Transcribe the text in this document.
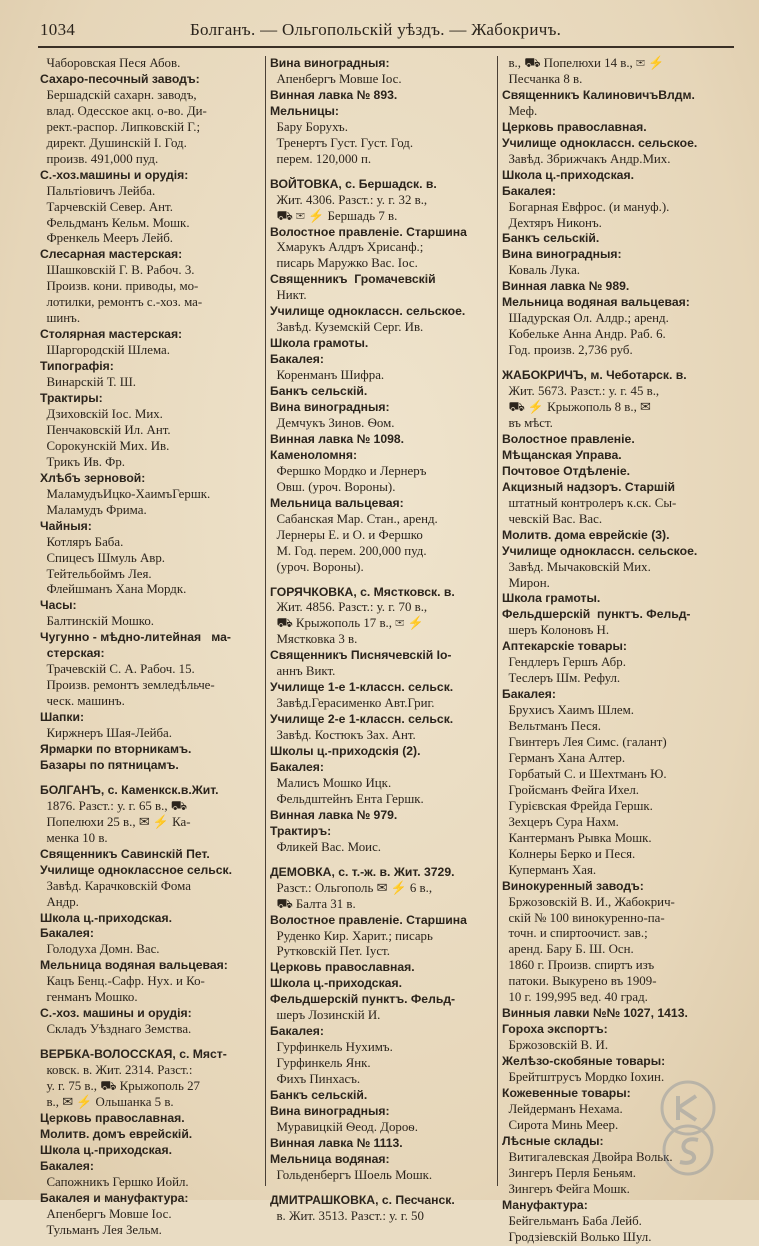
1034	Болганъ. — Ольгопольскій уѣздъ. — Жабокричъ.
Чаборовская Песя Абов.
Сахаро-песочный заводъ:
Бершадскій сахарн. заводъ,
влад. Одесское акц. о-во. Ди-
рект.-распор. Липковскій Г.;
директ. Душинскій І. Год.
произв. 491,000 пуд.
С.-хоз.машины и орудія:
Пальтіовичъ Лейба.
Тарчевскій Север. Ант.
Фельдманъ Кельм. Мошк.
Френкель Мееръ Лейб.
Слесарная мастерская:
Шашковскій Г. В. Рабоч. 3.
Произв. кони. приводы, мо-
лотилки, ремонтъ с.-хоз. ма-
шинъ.
Столярная мастерская:
Шаргородскій Шлема.
Типографія:
Винарскій Т. Ш.
Трактиры:
Дзиховскій Іос. Мих.
Пенчаковскій Ил. Ант.
Сорокунскій Мих. Ив.
Трикъ Ив. Фр.
Хлѣбъ зерновой:
МаламудъИцко-ХаимъГершк.
Маламудъ Фрима.
Чайныя:
Котляръ Баба.
Спицесъ Шмуль Авр.
Тейтельбоймъ Лея.
Флейшманъ Хана Мордк.
Часы:
Балтинскій Мошко.
Чугунно - мѣдно-литейная   ма-
стерская:
Трачевскій С. А. Рабоч. 15.
Произв. ремонтъ земледѣльче-
ческ. машинъ.
Шапки:
Киржнеръ Шая-Лейба.
Ярмарки по вторникамъ.
Базары по пятницамъ.
БОЛГАНЪ, с. Каменкск.в.Жит.
1876. Разст.: у. г. 65 в., ⛟
Попелюхи 25 в., ✉ ⚡ Ка-
менка 10 в.
Священникъ Савинскій Пет.
Училище одноклассное сельск.
Завѣд. Карачковскій Фома
Андр.
Школа ц.-приходская.
Бакалея:
Голодуха Домн. Вас.
Мельница водяная вальцевая:
Кацъ Бенц.-Сафр. Нух. и Ко-
генманъ Мошко.
С.-хоз. машины и орудія:
Складъ Уѣзднаго Земства.
ВЕРБКА-ВОЛОССКАЯ, с. Мяст-
ковск. в. Жит. 2314. Разст.:
у. г. 75 в., ⛟ Крыжополь 27
в., ✉ ⚡ Ольшанка 5 в.
Церковь православная.
Молитв. домъ еврейскій.
Школа ц.-приходская.
Бакалея:
Сапожникъ Гершко Иойл.
Бакалея и мануфактура:
Апенбергъ Мовше Іос.
Тульманъ Лея Зельм.
Вина виноградныя:
Апенбергъ Мовше Іос.
Винная лавка № 893.
Мельницы:
Бару Борухъ.
Тренертъ Густ. Густ. Год.
перем. 120,000 п.
ВОЙТОВКА, с. Бершадск. в.
Жит. 4306. Разст.: у. г. 32 в.,
⛟ ✉ ⚡ Бершадь 7 в.
Волостное правленіе. Старшина
Хмарукъ Алдръ Хрисанф.;
писарь Маружко Вас. Іос.
Священникъ  Громачевскій
Никт.
Училище одноклассн. сельское.
Завѣд. Куземскій Серг. Ив.
Школа грамоты.
Бакалея:
Коренманъ Шифра.
Банкъ сельскій.
Вина виноградныя:
Демчукъ Зинов. Ѳом.
Винная лавка № 1098.
Каменоломня:
Фершко Мордко и Лернеръ
Овш. (уроч. Вороны).
Мельница вальцевая:
Сабанская Мар. Стан., аренд.
Лернеры Е. и О. и Фершко
М. Год. перем. 200,000 пуд.
(уроч. Вороны).
ГОРЯЧКОВКА, с. Мястковск. в.
Жит. 4856. Разст.: у. г. 70 в.,
⛟ Крыжополь 17 в., ✉ ⚡
Мястковка 3 в.
Священникъ Писнячевскій Іо-
аннъ Викт.
Училище 1-е 1-классн. сельск.
Завѣд.Герасименко Авт.Григ.
Училище 2-е 1-классн. сельск.
Завѣд. Костюкъ Зах. Ант.
Школы ц.-приходскія (2).
Бакалея:
Малисъ Мошко Ицк.
Фельдштейнъ Ента Гершк.
Винная лавка № 979.
Трактиръ:
Фликей Вас. Моис.
ДЕМОВКА, с. т.-ж. в. Жит. 3729.
Разст.: Ольгополь ✉ ⚡ 6 в.,
⛟ Балта 31 в.
Волостное правленіе. Старшина
Руденко Кир. Харит.; писарь
Рутковскій Пет. Іуст.
Церковь православная.
Школа ц.-приходская.
Фельдшерскій пунктъ. Фельд-
шеръ Лозинскій И.
Бакалея:
Гурфинкель Нухимъ.
Гурфинкель Янк.
Фихъ Пинхасъ.
Банкъ сельскій.
Вина виноградныя:
Муравицкій Ѳеод. Дороѳ.
Винная лавка № 1113.
Мельница водяная:
Гольденбергъ Шоель Мошк.
ДМИТРАШКОВКА, с. Песчанск.
в. Жит. 3513. Разст.: у. г. 50
в., ⛟ Попелюхи 14 в., ✉ ⚡
Песчанка 8 в.
Священникъ КалиновичъВлдм.
Меф.
Церковь православная.
Училище одноклассн. сельское.
Завѣд. Збрижчакъ Андр.Мих.
Школа ц.-приходская.
Бакалея:
Богарная Евфрос. (и мануф.).
Дехтяръ Никонъ.
Банкъ сельскій.
Вина виноградныя:
Коваль Лука.
Винная лавка № 989.
Мельница водяная вальцевая:
Шадурская Ол. Алдр.; аренд.
Кобелькe Анна Андр. Раб. 6.
Год. произв. 2,736 руб.
ЖАБОКРИЧЪ, м. Чеботарск. в.
Жит. 5673. Разст.: у. г. 45 в.,
⛟ ⚡ Крыжополь 8 в., ✉
въ мѣст.
Волостное правленіе.
Мѣщанская Управа.
Почтовое Отдѣленіе.
Акцизный надзоръ. Старшій
штатный контролеръ к.ск. Сы-
чевскій Вас. Вас.
Молитв. дома еврейскіе (3).
Училище одноклассн. сельское.
Завѣд. Мычаковскій Мих.
Мирон.
Школа грамоты.
Фельдшерскій  пунктъ. Фельд-
шеръ Колоновъ Н.
Аптекарскіе товары:
Гендлеръ Гершъ Абр.
Теслеръ Шм. Рефул.
Бакалея:
Брухисъ Хаимъ Шлем.
Вельтманъ Песя.
Гвинтеръ Лея Симс. (галант)
Германъ Хана Алтер.
Горбатый С. и Шехтманъ Ю.
Гройсманъ Фейга Ихел.
Гурієвская Фрейда Гершк.
Зехцеръ Сура Нахм.
Кантерманъ Рывка Мошк.
Колнеры Берко и Песя.
Куперманъ Хая.
Винокуренный заводъ:
Бржозовскій В. И., Жабокрич-
скій № 100 винокуренно-па-
точн. и спиртоочист. зав.;
аренд. Бару Б. Ш. Осн.
1860 г. Произв. спиртъ изъ
патоки. Выкурено въ 1909-
10 г. 199,995 вед. 40 град.
Винныя лавки №№ 1027, 1413.
Гороха экспортъ:
Бржозовскій В. И.
Желѣзо-скобяные товары:
Брейтштрусъ Мордко Іохин.
Кожевенные товары:
Лейдерманъ Нехама.
Сирота Минь Меер.
Лѣсные склады:
Витигалевская Двойра Вольк.
Зингеръ Перля Беньям.
Зингеръ Фейга Мошк.
Мануфактура:
Бейгельманъ Баба Лейб.
Гродзіевскій Волько Шул.
